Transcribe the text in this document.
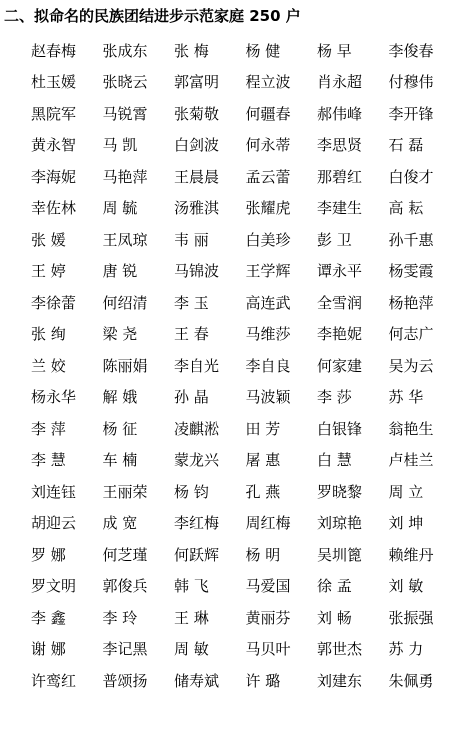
二、拟命名的民族团结进步示范家庭 250 户
赵春梅	张成东	张 梅	杨 健	杨 早	李俊春
杜玉媛	张晓云	郭富明	程立波	肖永超	付穆伟
黑院军	马锐霄	张菊敬	何疆春	郝伟峰	李开锋
黄永智	马 凯	白剑波	何永蒂	李思贤	石 磊
李海妮	马艳萍	王晨晨	孟云蕾	那碧红	白俊才
幸佐林	周 毓	汤雅淇	张耀虎	李建生	高 耘
张 媛	王凤琼	韦 丽	白美珍	彭 卫	孙千惠
王 婷	唐 锐	马锦波	王学辉	谭永平	杨雯霞
李徐蕾	何绍清	李 玉	高连武	全雪润	杨艳萍
张 绚	梁 尧	王 春	马维莎	李艳妮	何志广
兰 姣	陈丽娟	李自光	李自良	何家建	吴为云
杨永华	解 娥	孙 晶	马波颖	李 莎	苏 华
李 萍	杨 征	凌麒淞	田 芳	白银锋	翁艳生
李 慧	车 楠	蒙龙兴	屠 惠	白 慧	卢桂兰
刘连钰	王丽荣	杨 钧	孔 燕	罗晓黎	周 立
胡迎云	成 宽	李红梅	周红梅	刘琼艳	刘 坤
罗 娜	何芝瑾	何跃辉	杨 明	吴圳篦	赖维丹
罗文明	郭俊兵	韩 飞	马爱国	徐 孟	刘 敏
李 鑫	李 玲	王 琳	黄丽芬	刘 畅	张振强
谢 娜	李记黑	周 敏	马贝叶	郭世杰	苏 力
许鸾红	普颂扬	储寿斌	许 璐	刘建东	朱佩勇
